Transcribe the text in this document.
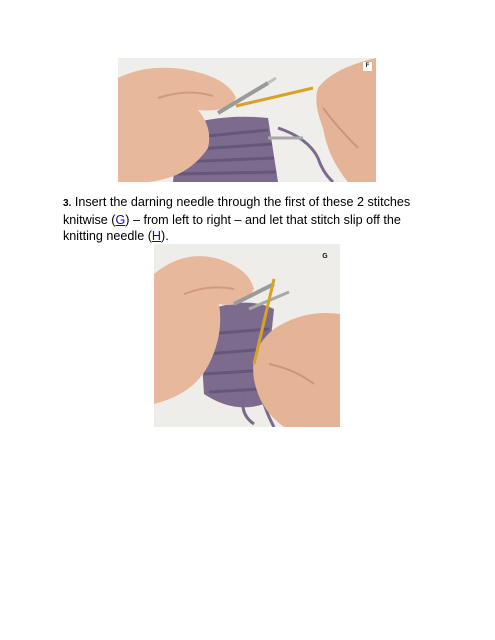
F

3. Insert the darning needle through the first of these 2 stitches knitwise (G) – from left to right – and let that stitch slip off the knitting needle (H).

G
